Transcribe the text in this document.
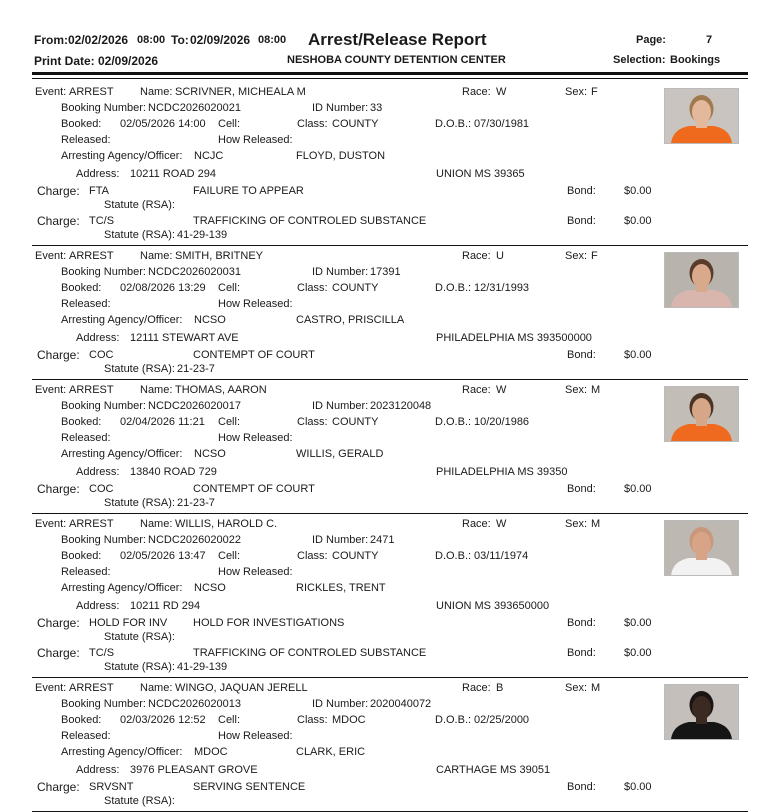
From: 02/02/2026 08:00 To: 02/09/2026 08:00 Arrest/Release Report	Page:	7
Print Date: 02/09/2026	NESHOBA COUNTY DETENTION CENTER	Selection: Bookings
Event: ARREST Name: SCRIVNER, MICHEALA M	Race: W	Sex: F
Booking Number: NCDC2026020021	ID Number: 33
Booked: 02/05/2026 14:00 Cell:	Class: COUNTY	D.O.B.: 07/30/1981
Released:	How Released:
Arresting Agency/Officer: NCJC	FLOYD, DUSTON
Address: 10211 ROAD 294	UNION MS 39365
Charge: FTA	FAILURE TO APPEAR	Bond:	$0.00
Statute (RSA):
Charge: TC/S	TRAFFICKING OF CONTROLED SUBSTANCE	Bond:	$0.00
Statute (RSA): 41-29-139
Event: ARREST Name: SMITH, BRITNEY	Race: U	Sex: F
Booking Number: NCDC2026020031	ID Number: 17391
Booked: 02/08/2026 13:29 Cell:	Class: COUNTY	D.O.B.: 12/31/1993
Released:	How Released:
Arresting Agency/Officer: NCSO	CASTRO, PRISCILLA
Address: 12111 STEWART AVE	PHILADELPHIA MS 393500000
Charge: COC	CONTEMPT OF COURT	Bond:	$0.00
Statute (RSA): 21-23-7
Event: ARREST Name: THOMAS, AARON	Race: W	Sex: M
Booking Number: NCDC2026020017	ID Number: 2023120048
Booked: 02/04/2026 11:21 Cell:	Class: COUNTY	D.O.B.: 10/20/1986
Released:	How Released:
Arresting Agency/Officer: NCSO	WILLIS, GERALD
Address: 13840 ROAD 729	PHILADELPHIA MS 39350
Charge: COC	CONTEMPT OF COURT	Bond:	$0.00
Statute (RSA): 21-23-7
Event: ARREST Name: WILLIS, HAROLD C.	Race: W	Sex: M
Booking Number: NCDC2026020022	ID Number: 2471
Booked: 02/05/2026 13:47 Cell:	Class: COUNTY	D.O.B.: 03/11/1974
Released:	How Released:
Arresting Agency/Officer: NCSO	RICKLES, TRENT
Address: 10211 RD 294	UNION MS 393650000
Charge: HOLD FOR INV HOLD FOR INVESTIGATIONS	Bond:	$0.00
Statute (RSA):
Charge: TC/S	TRAFFICKING OF CONTROLED SUBSTANCE	Bond:	$0.00
Statute (RSA): 41-29-139
Event: ARREST Name: WINGO, JAQUAN JERELL	Race: B	Sex: M
Booking Number: NCDC2026020013	ID Number: 2020040072
Booked: 02/03/2026 12:52 Cell:	Class: MDOC	D.O.B.: 02/25/2000
Released:	How Released:
Arresting Agency/Officer: MDOC	CLARK, ERIC
Address: 3976 PLEASANT GROVE	CARTHAGE MS 39051
Charge: SRVSNT	SERVING SENTENCE	Bond:	$0.00
Statute (RSA):
